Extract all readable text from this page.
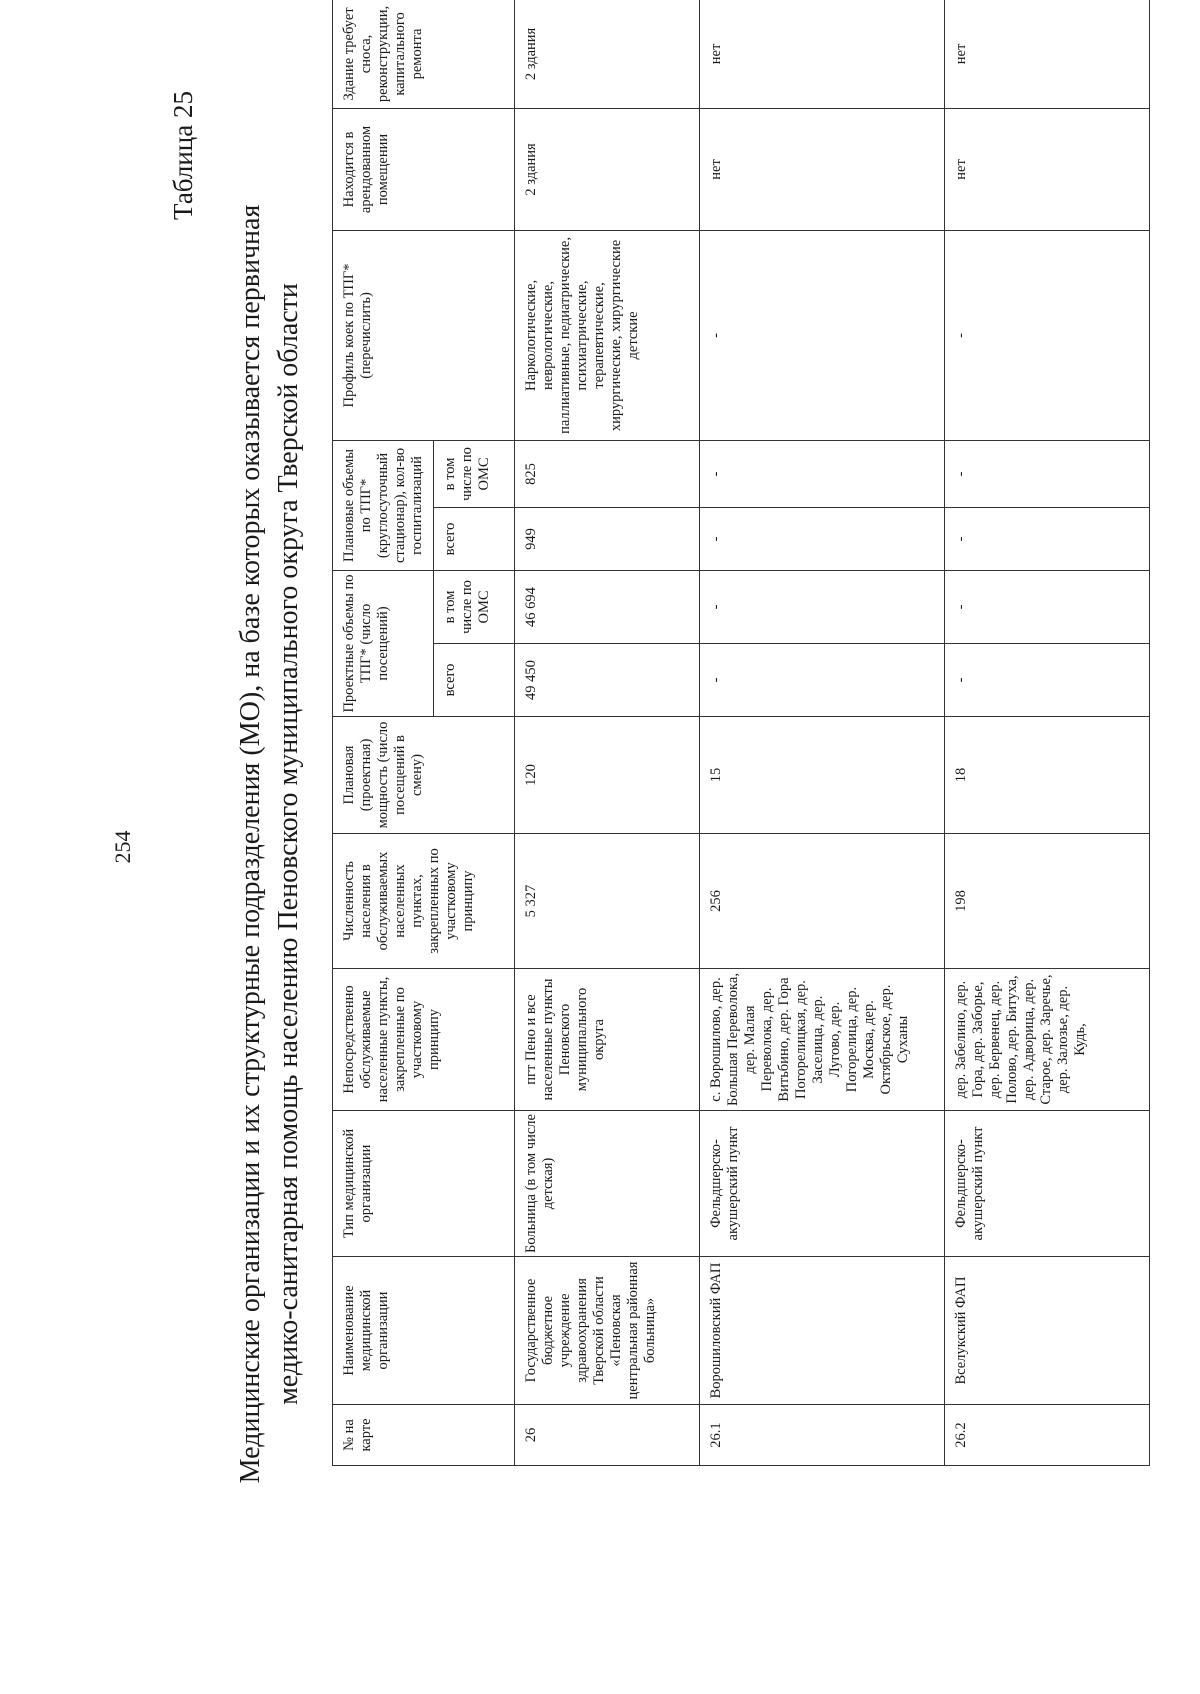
254
Таблица 25
Медицинские организации и их структурные подразделения (МО), на базе которых оказывается первичная медико-санитарная помощь населению Пеновского муниципального округа Тверской области
№ на карте	Наименование медицинской организации	Тип медицинской организации	Непосредственно обслуживаемые населенные пункты, закрепленные по участковому принципу	Численность населения в обслуживаемых населенных пунктах, закрепленных по участковому принципу	Плановая (проектная) мощность (число посещений в смену)	Проектные объемы по ТПГ* (число посещений)		Плановые объемы по ТПГ* (круглосуточный стационар), кол-во госпитализаций		Профиль коек по ТПГ* (перечислить)	Находится в арендованном помещении	Здание требует сноса, реконструкции, капитального ремонта
						всего	в том числе по ОМС	всего	в том числе по ОМС			
26	Государственное бюджетное учреждение здравоохранения Тверской области «Пеновская центральная районная больница»	Больница (в том числе детская)	пгт Пено и все населенные пункты Пеновского муниципального округа	5 327	120	49 450	46 694	949	825	Наркологические, неврологические, паллиативные, педиатрические, психиатрические, терапевтические, хирургические, хирургические детские	2 здания	2 здания
26.1	Ворошиловский ФАП	Фельдшерско-акушерский пункт	с. Ворошилово, дер. Большая Переволока, дер. Малая Переволока, дер. Витьбино, дер. Гора Погорелицкая, дер. Заселица, дер. Лугово, дер. Погорелица, дер. Москва, дер. Октябрьское, дер. Суханы	256	15	-	-	-	-	-	нет	нет
26.2	Вселукский ФАП	Фельдшерско-акушерский пункт	дер. Забелино, дер. Гора, дер. Заборье, дер. Бервенец, дер. Полово, дер. Битуха, дер. Адворица, дер. Старое, дер. Заречье, дер. Залозье, дер. Кудь,	198	18	-	-	-	-	-	нет	нет
